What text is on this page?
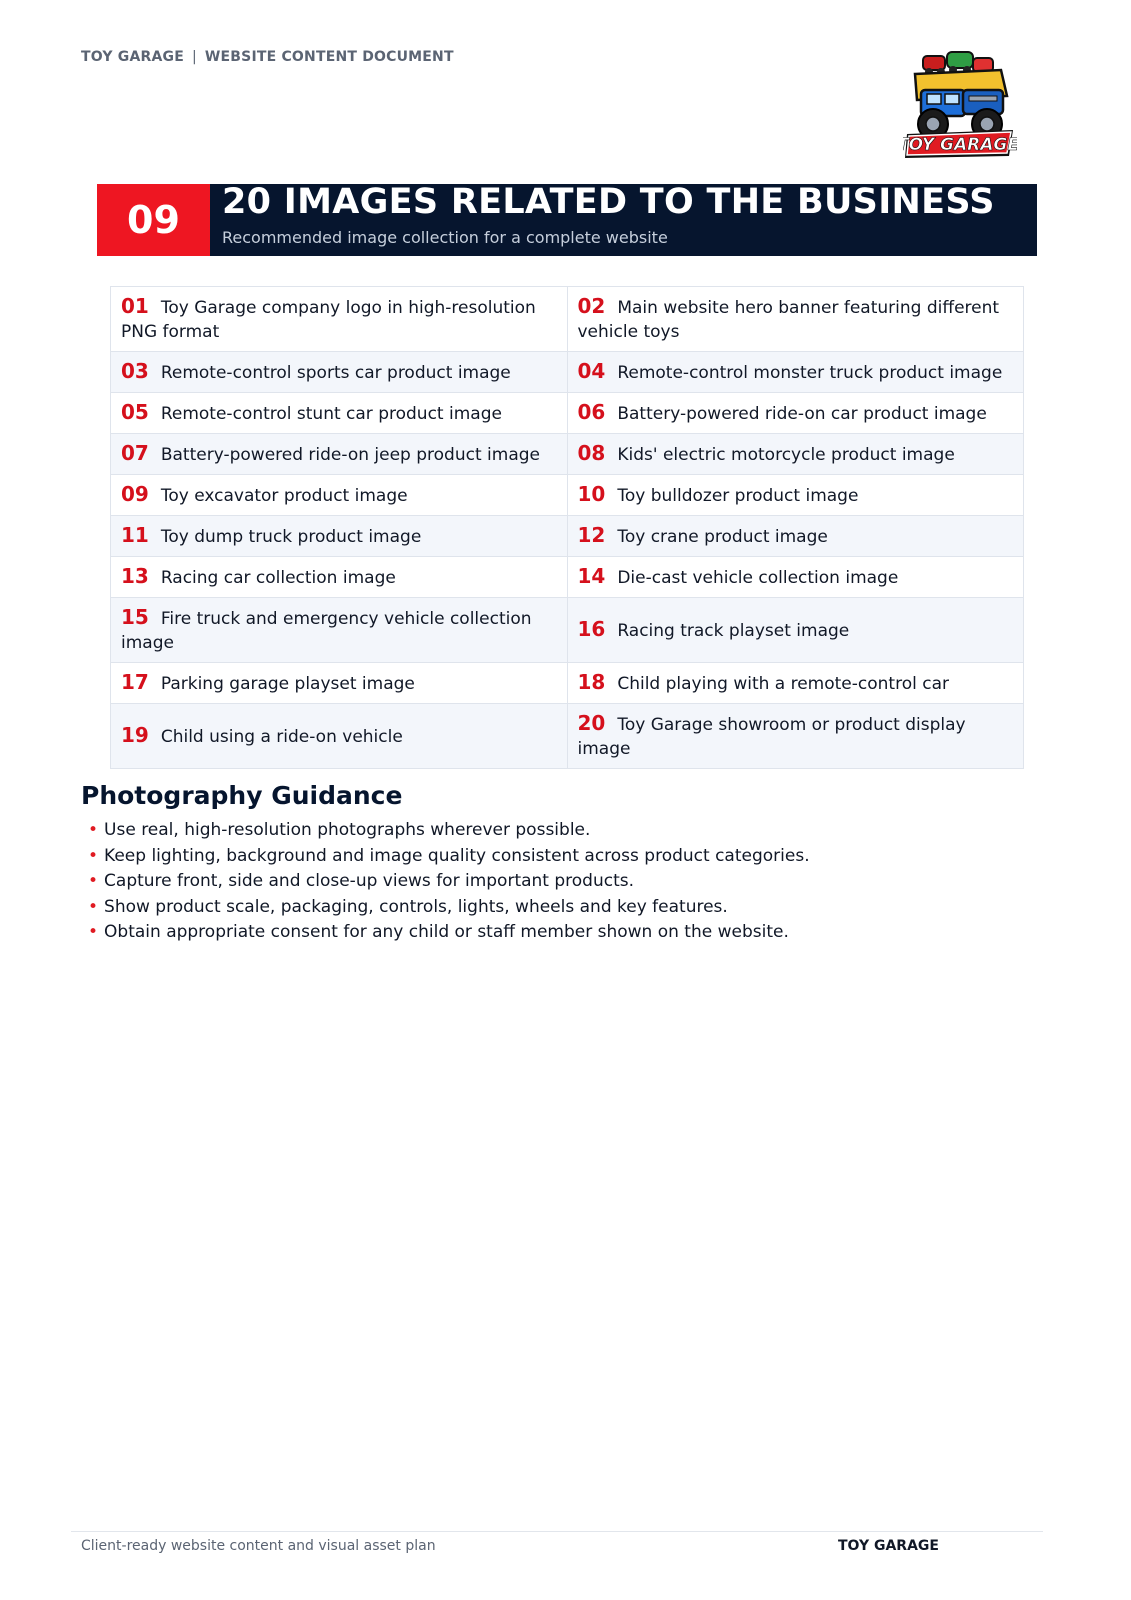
TOY GARAGE | WEBSITE CONTENT DOCUMENT
TOY GARAGE
09	20 IMAGES RELATED TO THE BUSINESS
Recommended image collection for a complete website
01 Toy Garage company logo in high-resolution PNG format	02 Main website hero banner featuring different vehicle toys
03 Remote-control sports car product image	04 Remote-control monster truck product image
05 Remote-control stunt car product image	06 Battery-powered ride-on car product image
07 Battery-powered ride-on jeep product image	08 Kids' electric motorcycle product image
09 Toy excavator product image	10 Toy bulldozer product image
11 Toy dump truck product image	12 Toy crane product image
13 Racing car collection image	14 Die-cast vehicle collection image
15 Fire truck and emergency vehicle collection image	16 Racing track playset image
17 Parking garage playset image	18 Child playing with a remote-control car
19 Child using a ride-on vehicle	20 Toy Garage showroom or product display image
Photography Guidance
• Use real, high-resolution photographs wherever possible.
• Keep lighting, background and image quality consistent across product categories.
• Capture front, side and close-up views for important products.
• Show product scale, packaging, controls, lights, wheels and key features.
• Obtain appropriate consent for any child or staff member shown on the website.
Client-ready website content and visual asset plan	TOY GARAGE
